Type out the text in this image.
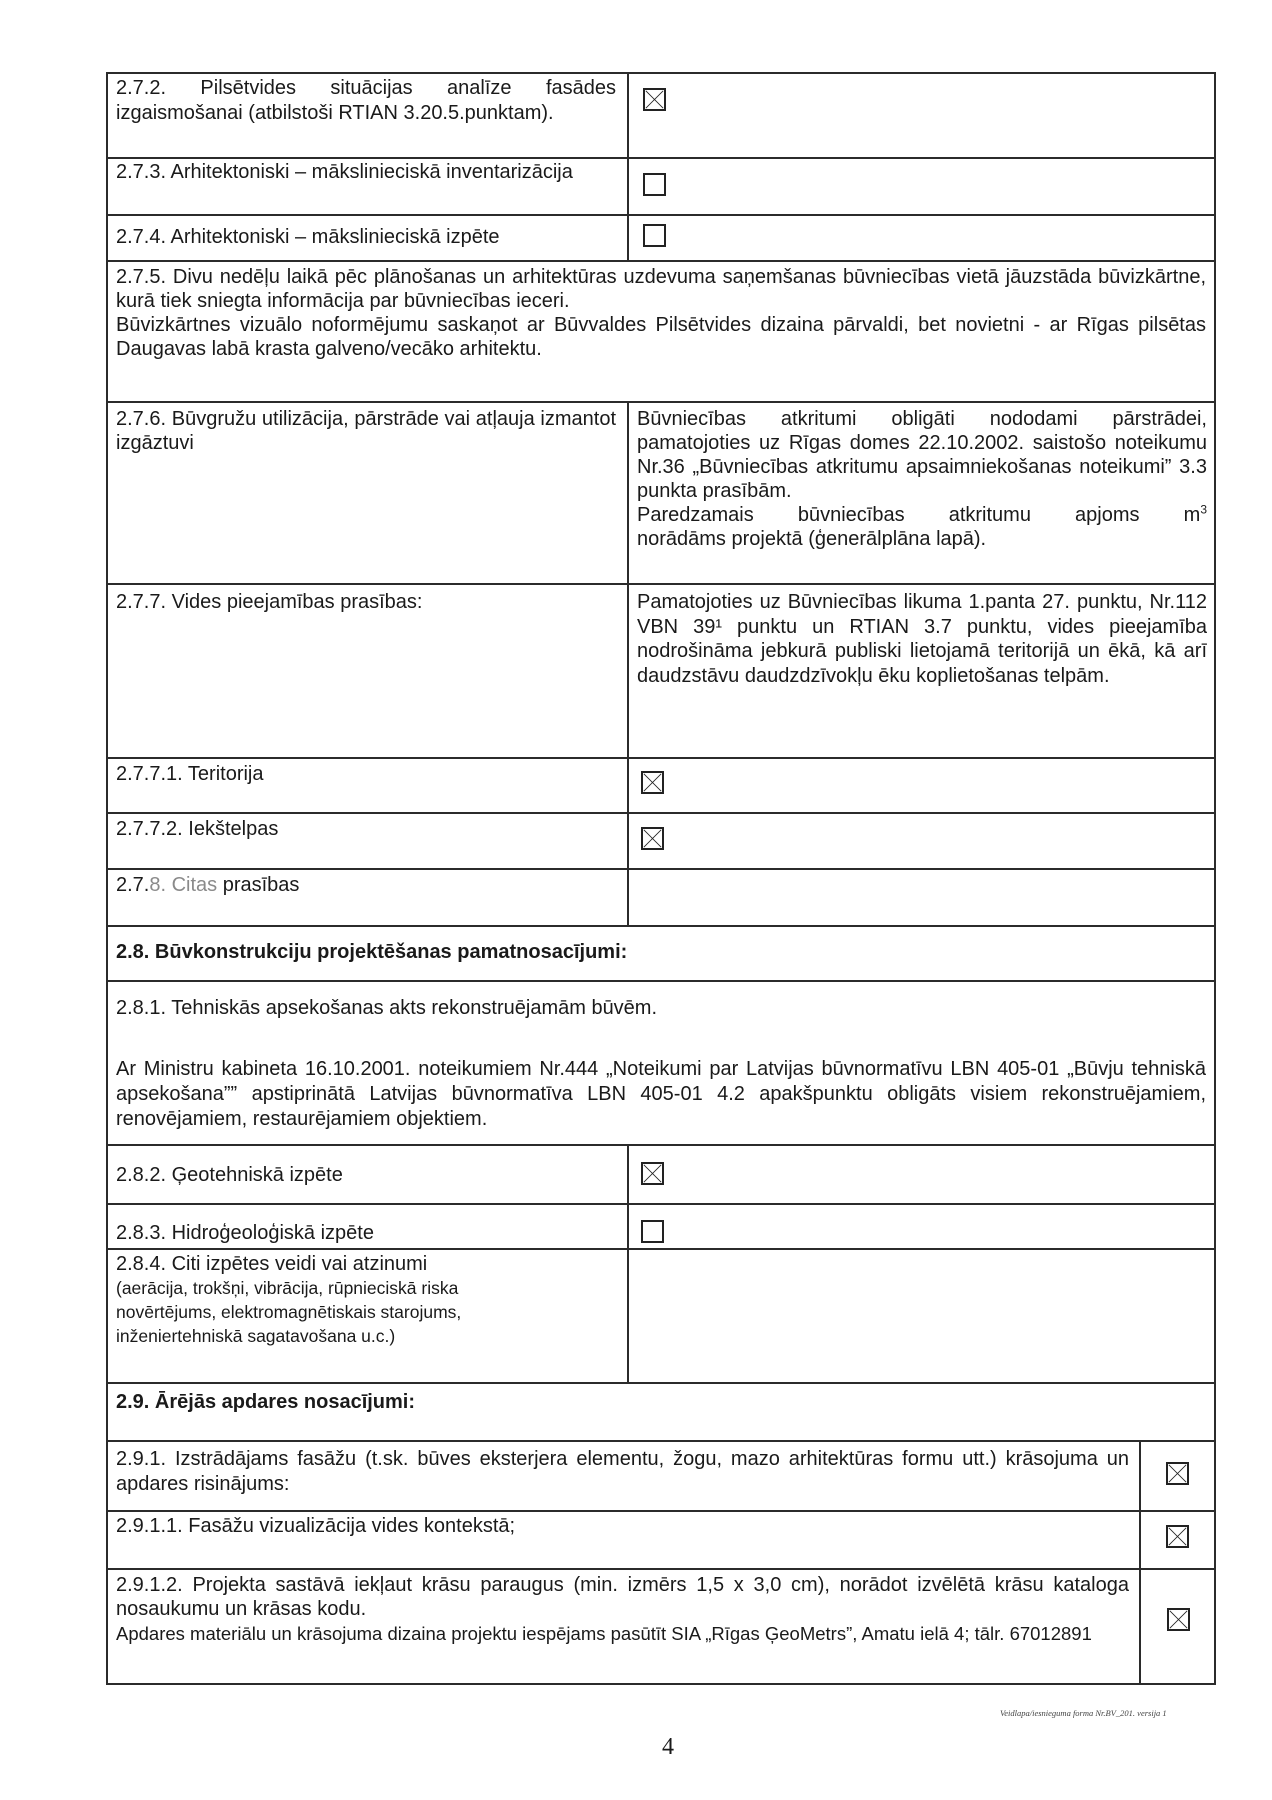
2.7.2. Pilsētvides situācijas analīze fasādes izgaismošanai (atbilstoši RTIAN 3.20.5.punktam).
2.7.3. Arhitektoniski – mākslinieciskā inventarizācija
2.7.4. Arhitektoniski – mākslinieciskā izpēte
2.7.5. Divu nedēļu laikā pēc plānošanas un arhitektūras uzdevuma saņemšanas būvniecības vietā jāuzstāda būvizkārtne, kurā tiek sniegta informācija par būvniecības ieceri.
Būvizkārtnes vizuālo noformējumu saskaņot ar Būvvaldes Pilsētvides dizaina pārvaldi, bet novietni - ar Rīgas pilsētas Daugavas labā krasta galveno/vecāko arhitektu.
2.7.6. Būvgružu utilizācija, pārstrāde vai atļauja izmantot izgāztuvi
Būvniecības atkritumi obligāti nododami pārstrādei, pamatojoties uz Rīgas domes 22.10.2002. saistošo noteikumu Nr.36 „Būvniecības atkritumu apsaimniekošanas noteikumi” 3.3 punkta prasībām.
Paredzamais būvniecības atkritumu apjoms $m^3$
norādāms projektā (ģenerālplāna lapā).
2.7.7. Vides pieejamības prasības:	Pamatojoties uz Būvniecības likuma 1.panta 27. punktu, Nr.112 VBN 39¹ punktu un RTIAN 3.7 punktu, vides pieejamība nodrošināma jebkurā publiski lietojamā teritorijā un ēkā, kā arī daudzstāvu daudzdzīvokļu ēku koplietošanas telpām.
2.7.7.1. Teritorija
2.7.7.2. Iekštelpas
2.7.8. Citas prasības
2.8. Būvkonstrukciju projektēšanas pamatnosacījumi:
2.8.1. Tehniskās apsekošanas akts rekonstruējamām būvēm.
Ar Ministru kabineta 16.10.2001. noteikumiem Nr.444 „Noteikumi par Latvijas būvnormatīvu LBN 405-01 „Būvju tehniskā apsekošana”” apstiprinātā Latvijas būvnormatīva LBN 405-01 4.2 apakšpunktu obligāts visiem rekonstruējamiem, renovējamiem, restaurējamiem objektiem.
2.8.2. Ģeotehniskā izpēte
2.8.3. Hidroģeoloģiskā izpēte
2.8.4. Citi izpētes veidi vai atzinumi
(aerācija, trokšņi, vibrācija, rūpnieciskā riska novērtējums, elektromagnētiskais starojums, inženiertehniskā sagatavošana u.c.)
2.9. Ārējās apdares nosacījumi:
2.9.1. Izstrādājams fasāžu (t.sk. būves eksterjera elementu, žogu, mazo arhitektūras formu utt.) krāsojuma un apdares risinājums:
2.9.1.1. Fasāžu vizualizācija vides kontekstā;
2.9.1.2. Projekta sastāvā iekļaut krāsu paraugus (min. izmērs 1,5 x 3,0 cm), norādot izvēlētā krāsu kataloga nosaukumu un krāsas kodu.
Apdares materiālu un krāsojuma dizaina projektu iespējams pasūtīt SIA „Rīgas ĢeoMetrs”, Amatu ielā 4; tālr. 67012891
4
Veidlapa/iesnieguma forma Nr.BV_201. versija 1
